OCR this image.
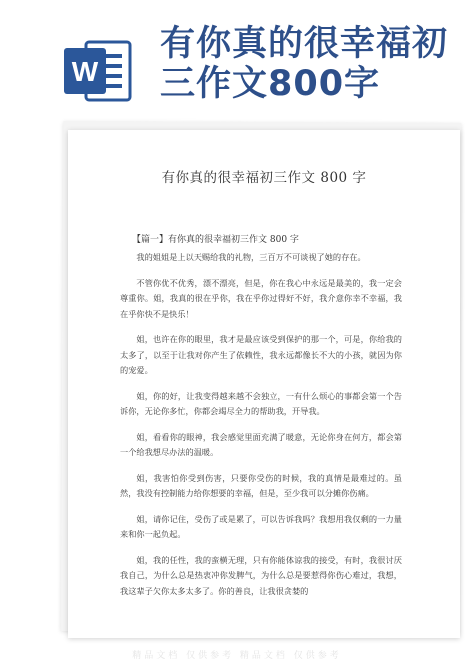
W
有你真的很幸福初
三作文800字
有你真的很幸福初三作文 800 字
【篇一】有你真的很幸福初三作文 800 字

我的姐姐是上以天赐给我的礼物，三百万不可谈视了她的存在。

不管你优不优秀，漂不漂亮，但是，你在我心中永远是最美的，我一定会尊重你。姐，我真的很在乎你，我在乎你过得好不好，我介意你幸不幸福，我在乎你快不是快乐！

姐，也许在你的眼里，我才是最应该受到保护的那一个，可是，你给我的太多了，以至于让我对你产生了依赖性，我永远都像长不大的小孩，就因为你的宠爱。

姐，你的好，让我变得越来越不会独立，一有什么烦心的事都会第一个告诉你，无论你多忙，你都会竭尽全力的帮助我，开导我。

姐，看看你的眼神，我会感觉里面充满了暖意，无论你身在何方，都会第一个给我想尽办法的温暖。

姐，我害怕你受到伤害，只要你受伤的时候，我的真情是最难过的。虽然，我没有控制能力给你想要的幸福，但是，至少我可以分摊你伤痛。

姐，请你记住，受伤了或是累了，可以告诉我吗？我想用我仅剩的一力量来和你一起负起。

姐，我的任性，我的蛮横无理，只有你能体谅我的接受，有时，我很讨厌我自己，为什么总是热衷冲你发脾气，为什么总是要惹得你伤心难过，我想，我这辈子欠你太多太多了。你的善良，让我很贪婪的

精品文档 仅供参考 精品文档 仅供参考
